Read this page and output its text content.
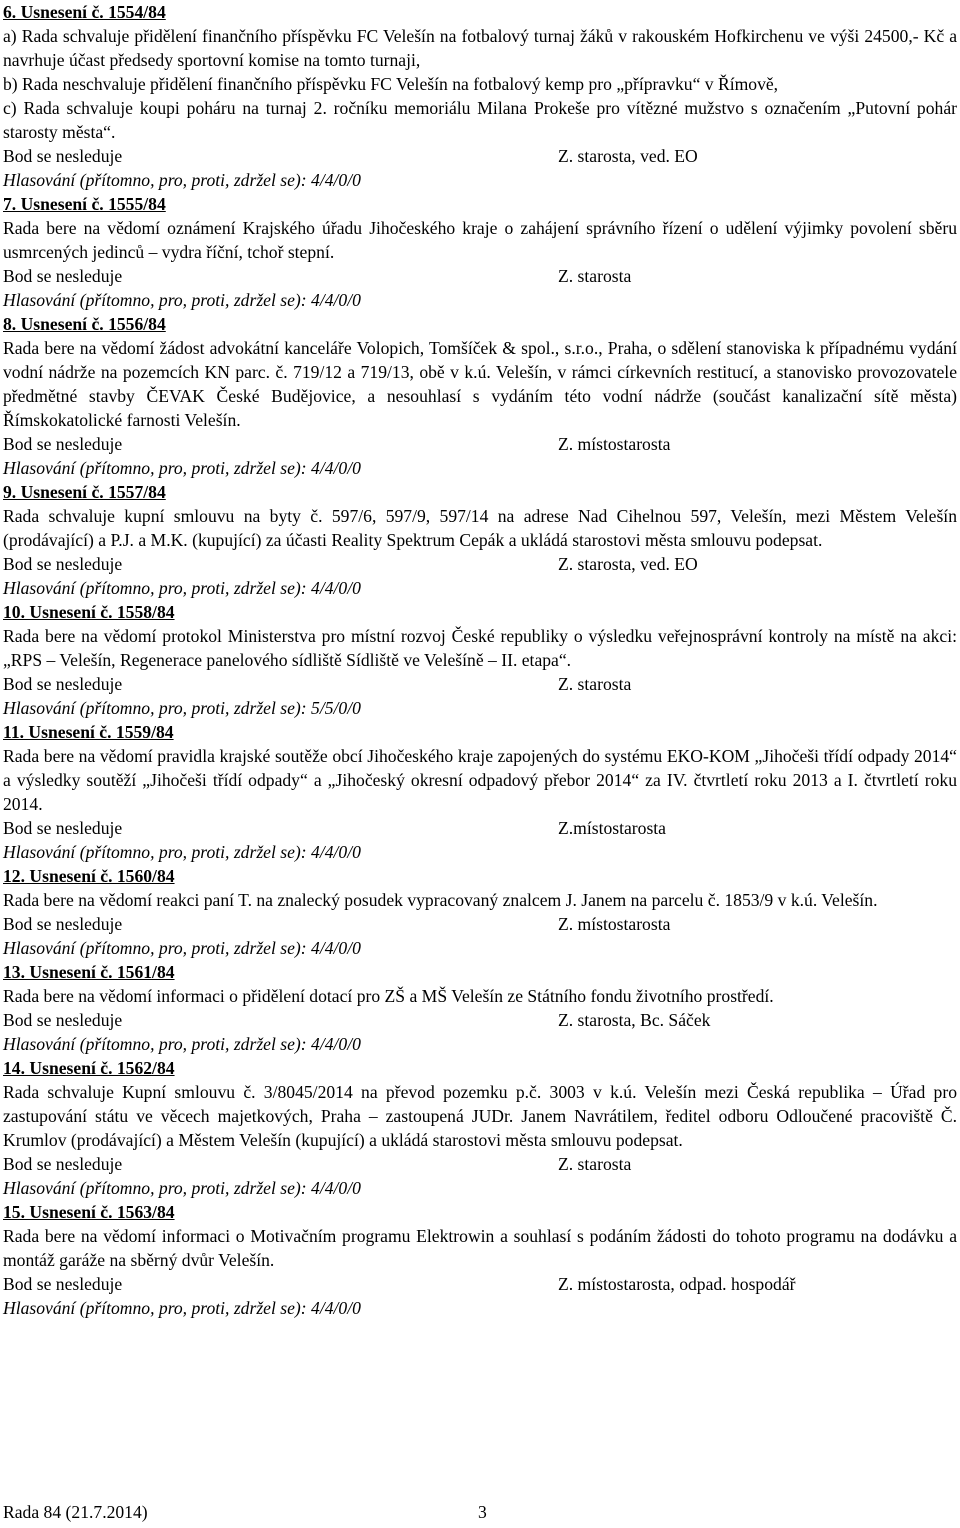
6. Usnesení č. 1554/84

a) Rada schvaluje přidělení finančního příspěvku FC Velešín na fotbalový turnaj žáků v rakouském Hofkirchenu ve výši 24500,- Kč a navrhuje účast předsedy sportovní komise na tomto turnaji,

b) Rada neschvaluje přidělení finančního příspěvku FC Velešín na fotbalový kemp pro „přípravku“ v Římově,

c) Rada schvaluje koupi poháru na turnaj 2. ročníku memoriálu Milana Prokeše pro vítězné mužstvo s označením „Putovní pohár starosty města“.

Bod se nesleduje	Z. starosta, ved. EO

Hlasování (přítomno, pro, proti, zdržel se): 4/4/0/0

7. Usnesení č. 1555/84

Rada bere na vědomí oznámení Krajského úřadu Jihočeského kraje o zahájení správního řízení o udělení výjimky povolení sběru usmrcených jedinců – vydra říční, tchoř stepní.

Bod se nesleduje	Z. starosta

Hlasování (přítomno, pro, proti, zdržel se): 4/4/0/0

8. Usnesení č. 1556/84

Rada bere na vědomí žádost advokátní kanceláře Volopich, Tomšíček & spol., s.r.o., Praha, o sdělení stanoviska k případnému vydání vodní nádrže na pozemcích KN parc. č. 719/12 a 719/13, obě v k.ú. Velešín, v rámci církevních restitucí, a stanovisko provozovatele předmětné stavby ČEVAK České Budějovice, a nesouhlasí s vydáním této vodní nádrže (součást kanalizační sítě města) Římskokatolické farnosti Velešín.

Bod se nesleduje	Z. místostarosta

Hlasování (přítomno, pro, proti, zdržel se): 4/4/0/0

9. Usnesení č. 1557/84

Rada schvaluje kupní smlouvu na byty č. 597/6, 597/9, 597/14 na adrese Nad Cihelnou 597, Velešín, mezi Městem Velešín (prodávající) a P.J. a M.K. (kupující) za účasti Reality Spektrum Cepák a ukládá starostovi města smlouvu podepsat.

Bod se nesleduje	Z. starosta, ved. EO

Hlasování (přítomno, pro, proti, zdržel se): 4/4/0/0

10. Usnesení č. 1558/84

Rada bere na vědomí protokol Ministerstva pro místní rozvoj České republiky o výsledku veřejnosprávní kontroly na místě na akci: „RPS – Velešín, Regenerace panelového sídliště Sídliště ve Velešíně – II. etapa“.

Bod se nesleduje	Z. starosta

Hlasování (přítomno, pro, proti, zdržel se): 5/5/0/0

11. Usnesení č. 1559/84

Rada bere na vědomí pravidla krajské soutěže obcí Jihočeského kraje zapojených do systému EKO-KOM „Jihočeši třídí odpady 2014“ a výsledky soutěží „Jihočeši třídí odpady“ a „Jihočeský okresní odpadový přebor 2014“ za IV. čtvrtletí roku 2013 a I. čtvrtletí roku 2014.

Bod se nesleduje	Z.místostarosta

Hlasování (přítomno, pro, proti, zdržel se): 4/4/0/0

12. Usnesení č. 1560/84

Rada bere na vědomí reakci paní T. na znalecký posudek vypracovaný znalcem J. Janem na parcelu č. 1853/9 v k.ú. Velešín.

Bod se nesleduje	Z. místostarosta

Hlasování (přítomno, pro, proti, zdržel se): 4/4/0/0

13. Usnesení č. 1561/84

Rada bere na vědomí informaci o přidělení dotací pro ZŠ a MŠ Velešín ze Státního fondu životního prostředí.

Bod se nesleduje	Z. starosta, Bc. Sáček

Hlasování (přítomno, pro, proti, zdržel se): 4/4/0/0

14. Usnesení č. 1562/84

Rada schvaluje Kupní smlouvu č. 3/8045/2014 na převod pozemku p.č. 3003 v k.ú. Velešín mezi Česká republika – Úřad pro zastupování státu ve věcech majetkových, Praha – zastoupená JUDr. Janem Navrátilem, ředitel odboru Odloučené pracoviště Č. Krumlov (prodávající) a Městem Velešín (kupující) a ukládá starostovi města smlouvu podepsat.

Bod se nesleduje	Z. starosta

Hlasování (přítomno, pro, proti, zdržel se): 4/4/0/0

15. Usnesení č. 1563/84

Rada bere na vědomí informaci o Motivačním programu Elektrowin a souhlasí s podáním žádosti do tohoto programu na dodávku a montáž garáže na sběrný dvůr Velešín.

Bod se nesleduje	Z. místostarosta, odpad. hospodář

Hlasování (přítomno, pro, proti, zdržel se): 4/4/0/0

Rada 84 (21.7.2014)	3
